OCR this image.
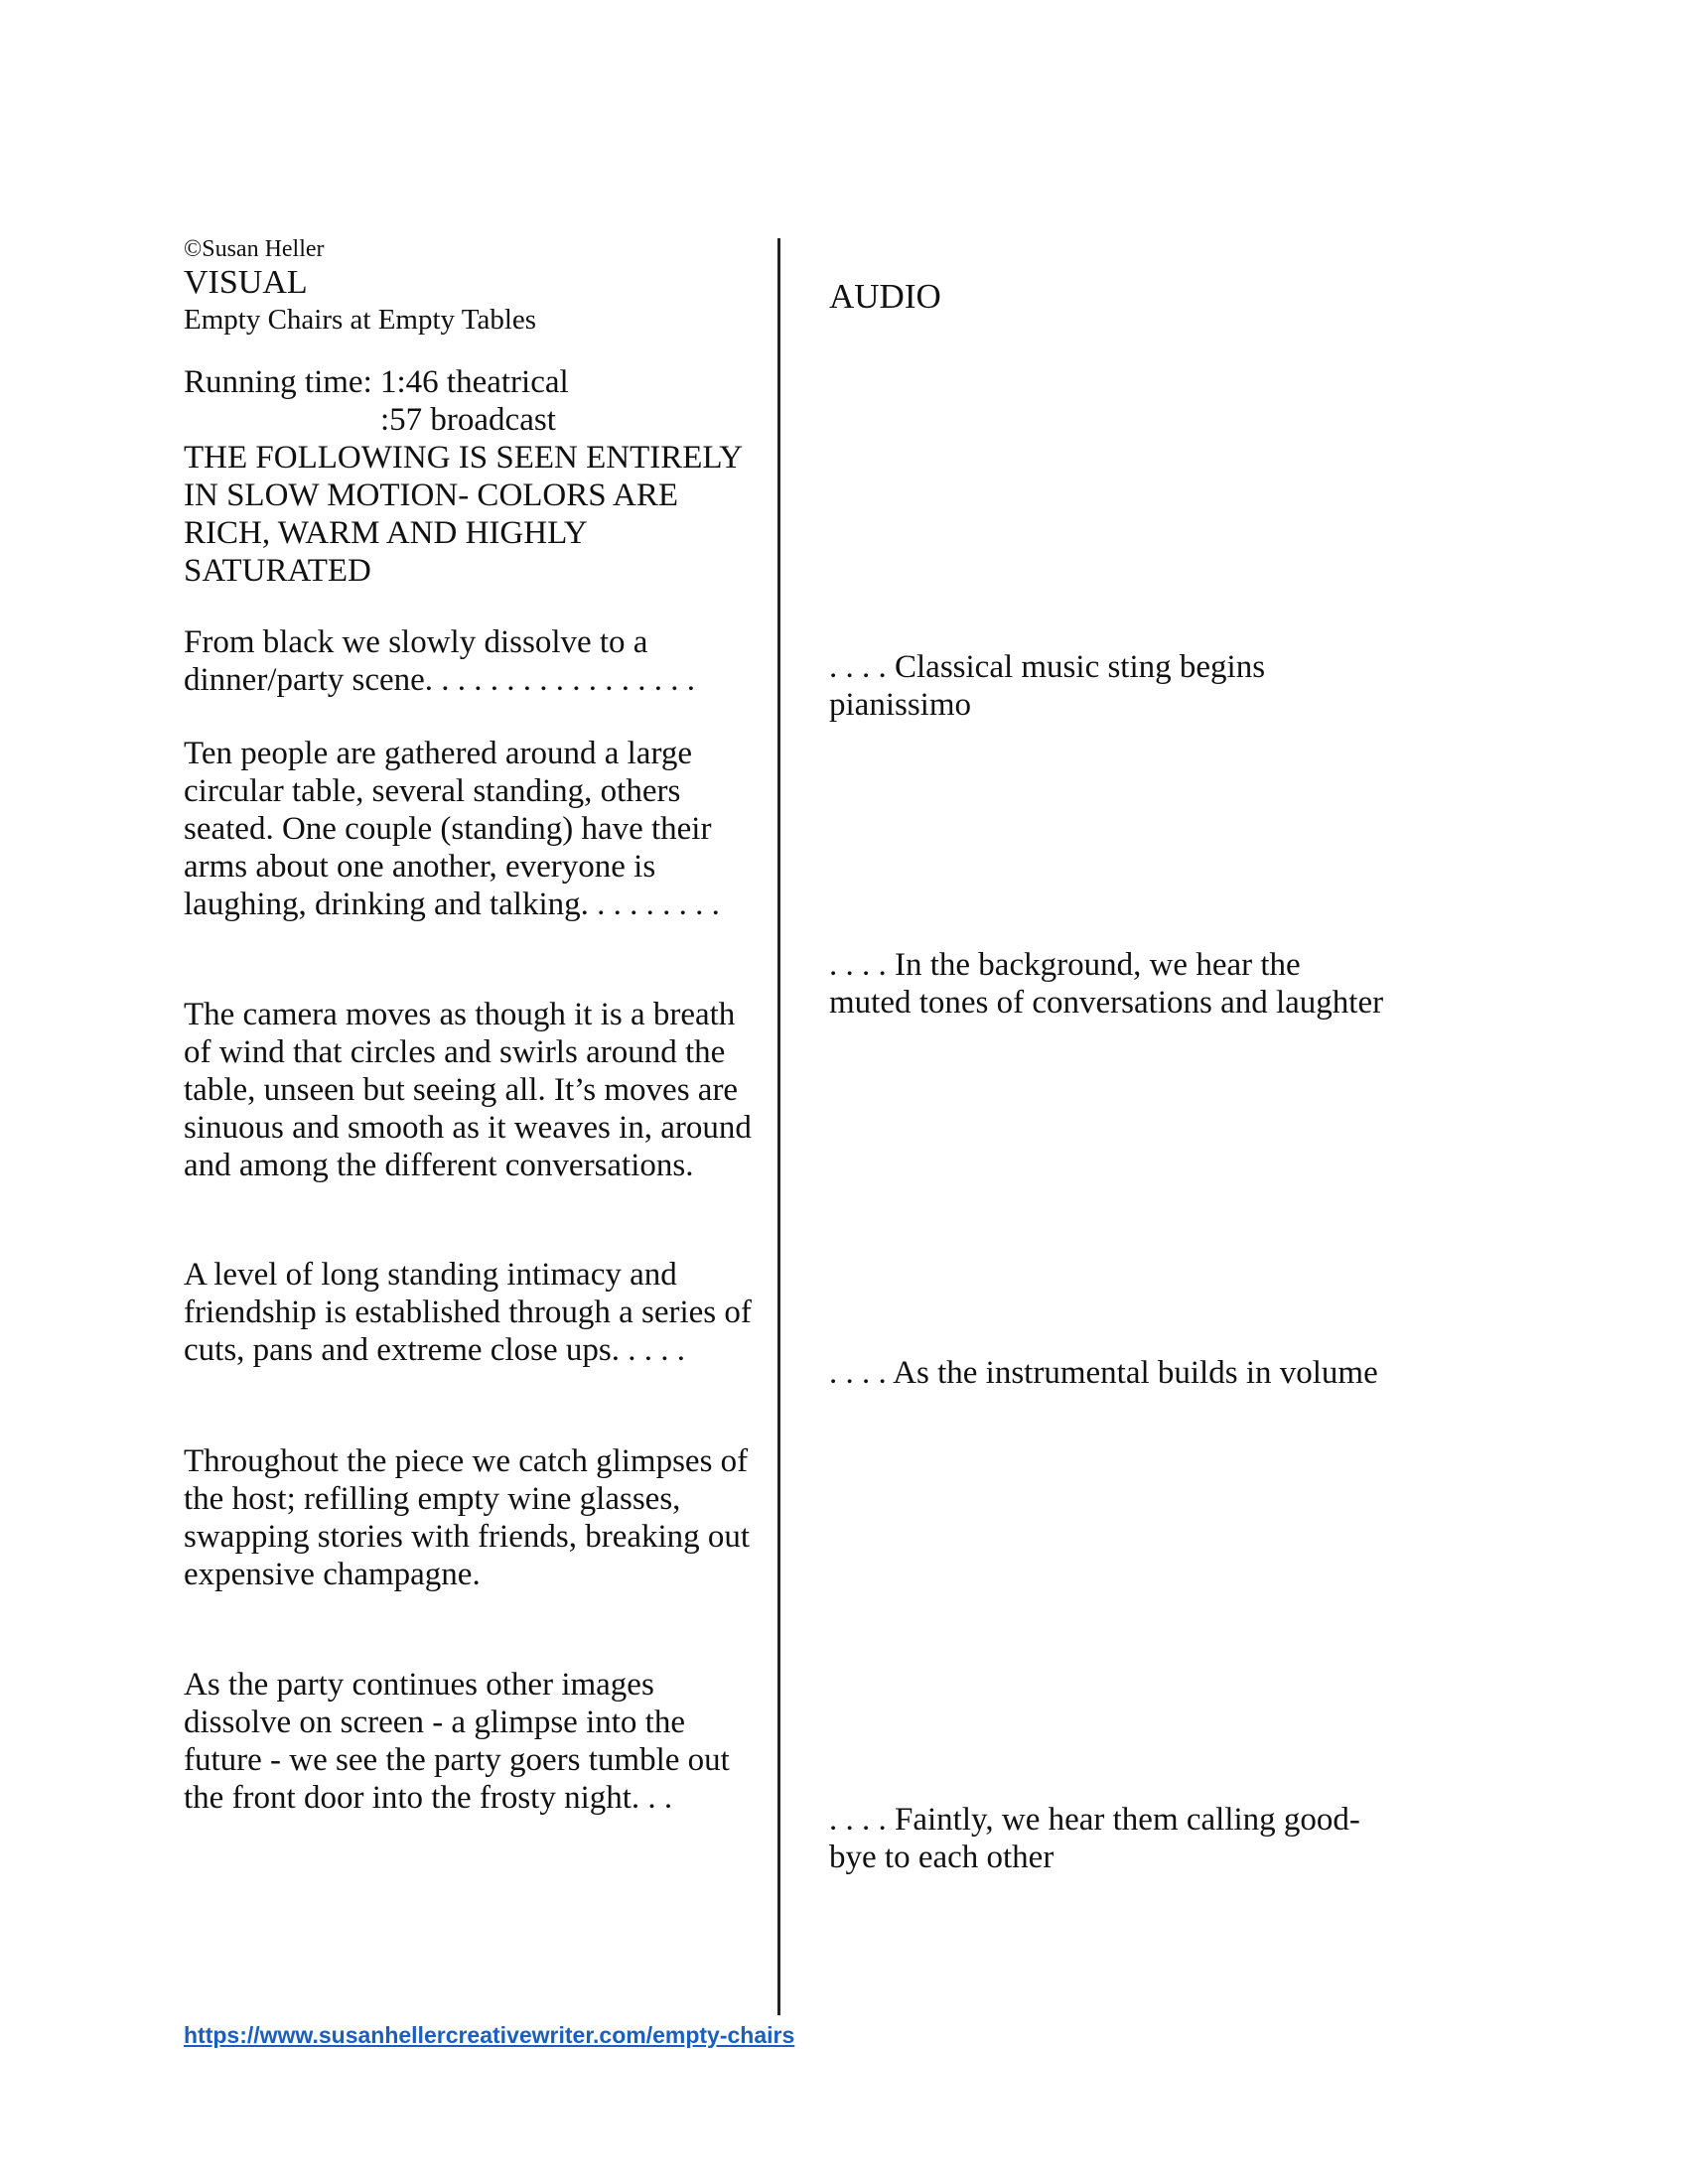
©Susan Heller

VISUAL

Empty Chairs at Empty Tables

Running time: 1:46 theatrical
:57 broadcast
THE FOLLOWING IS SEEN ENTIRELY IN SLOW MOTION- COLORS ARE RICH, WARM AND HIGHLY SATURATED
From black we slowly dissolve to a dinner/party scene. . . . . . . . . . . . . . . . .
Ten people are gathered around a large circular table, several standing, others seated. One couple (standing) have their arms about one another, everyone is laughing, drinking and talking. . . . . . . . .
The camera moves as though it is a breath of wind that circles and swirls around the table, unseen but seeing all. It’s moves are sinuous and smooth as it weaves in, around and among the different conversations.
A level of long standing intimacy and friendship is established through a series of cuts, pans and extreme close ups. . . . .
Throughout the piece we catch glimpses of the host; refilling empty wine glasses, swapping stories with friends, breaking out expensive champagne.
As the party continues other images dissolve on screen - a glimpse into the future - we see the party goers tumble out the front door into the frosty night. . .

AUDIO

. . . . Classical music sting begins pianissimo
. . . . In the background, we hear the muted tones of conversations and laughter
. . . . As the instrumental builds in volume
. . . . Faintly, we hear them calling good-bye to each other
https://www.susanhellercreativewriter.com/empty-chairs
